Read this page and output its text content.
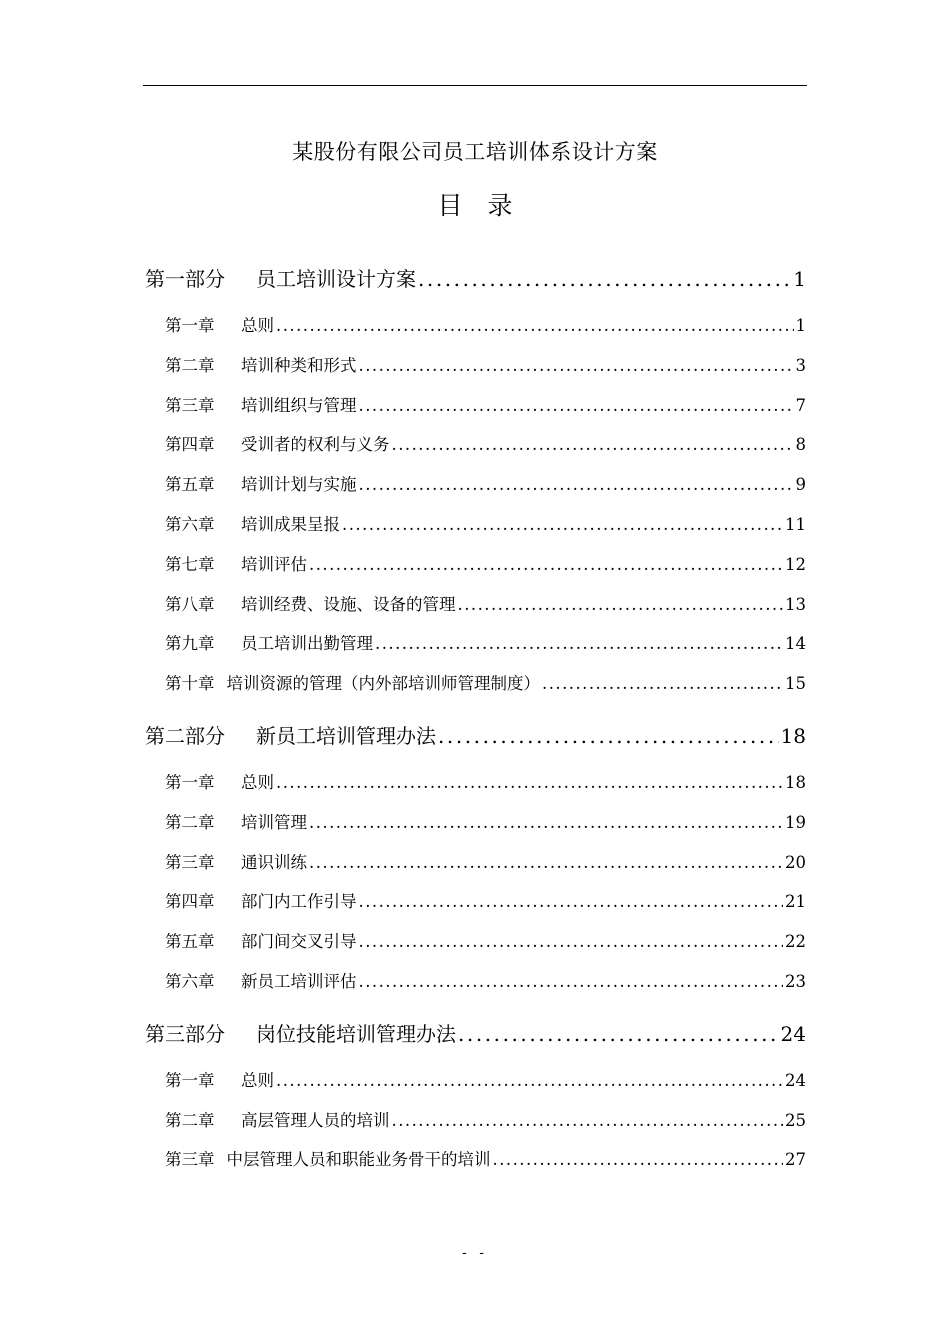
某股份有限公司员工培训体系设计方案
目　录
第一部分	员工培训设计方案 . . .	1
第一章	总则 . . .	1
第二章	培训种类和形式 . . .	3
第三章	培训组织与管理 . . .	7
第四章	受训者的权利与义务 . . .	8
第五章	培训计划与实施 . . .	9
第六章	培训成果呈报 . . .	11
第七章	培训评估 . . .	12
第八章	培训经费、设施、设备的管理 . . .	13
第九章	员工培训出勤管理 . . .	14
第十章 培训资源的管理（内外部培训师管理制度） . . .	15
第二部分	新员工培训管理办法 . . .	18
第一章	总则 . . .	18
第二章	培训管理 . . .	19
第三章	通识训练 . . .	20
第四章	部门内工作引导 . . .	21
第五章	部门间交叉引导 . . .	22
第六章	新员工培训评估 . . .	23
第三部分	岗位技能培训管理办法 . . .	24
第一章	总则 . . .	24
第二章	高层管理人员的培训 . . .	25
第三章 中层管理人员和职能业务骨干的培训 . . .	27
- -
